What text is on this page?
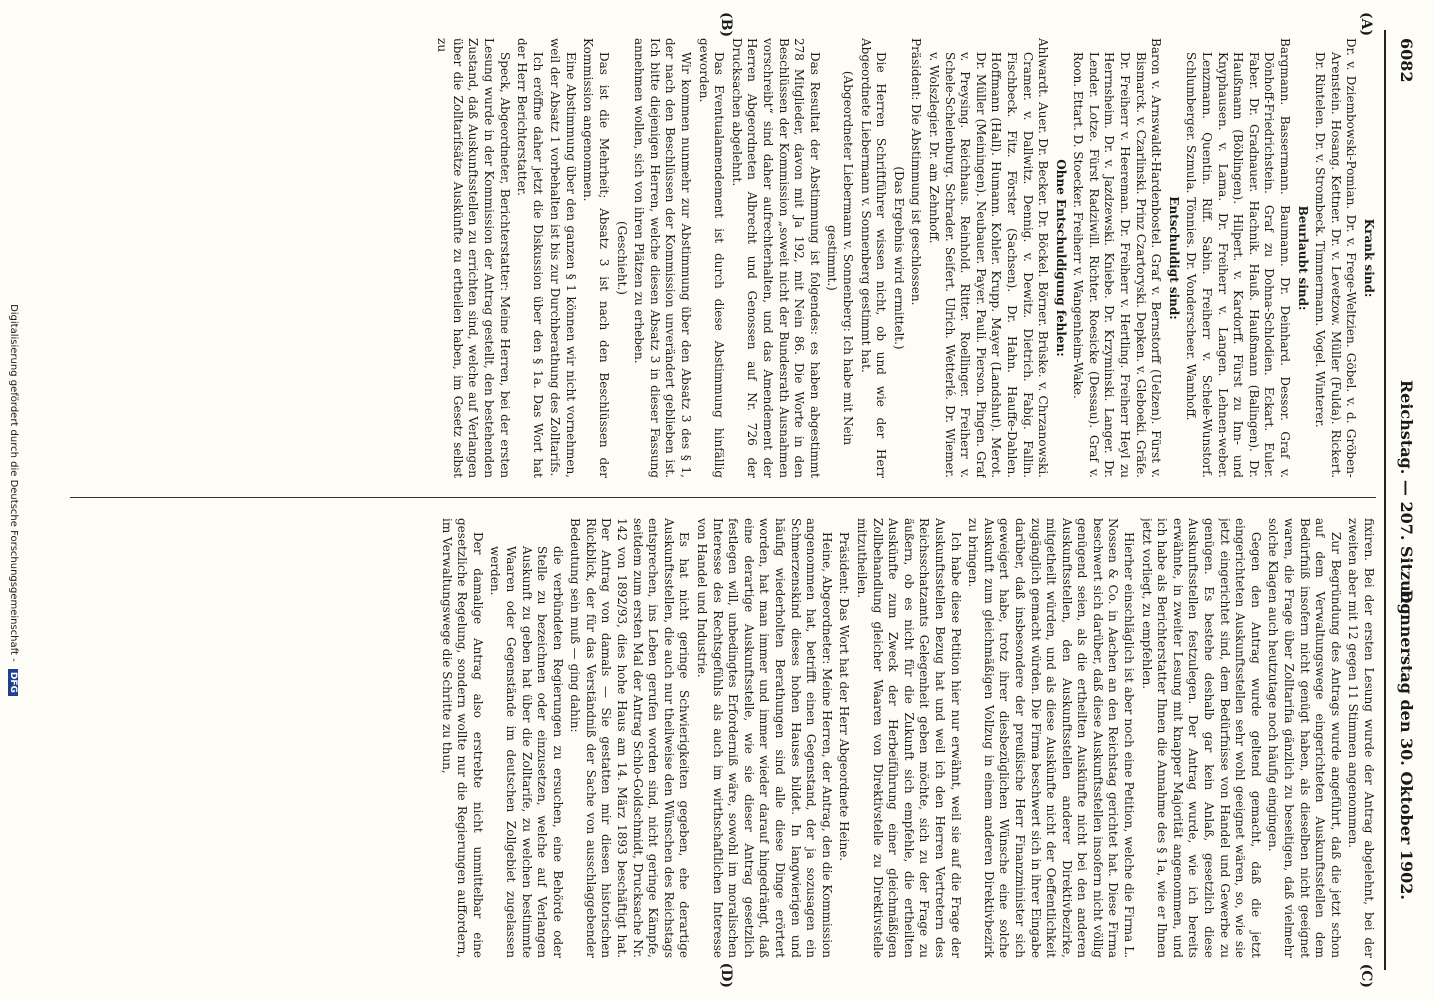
6082
Reichstag. — 207. Sitzung.
Donnerstag den 30. Oktober 1902.
(A)
(B)
(C)
(D)

Krank sind:

Dr. v. Dziembowski-Pomian. Dr. v. Frege-Weltzien. Göbel. v. d. Gröben-Arenstein. Hosang. Kettner. Dr. v. Levetzow. Müller (Fulda). Rickert. Dr. Rintelen. Dr. v. Strombeck. Timmermann. Vogel. Winterer.

Beurlaubt sind:

Bargmann. Bassermann. Baumann. Dr. Deinhard. Dessor. Graf v. Dönhoff-Friedrichstein. Graf zu Dohna-Schlodien. Eckart. Euler. Faber. Dr. Gradnauer. Hachnik. Hauß. Haußmann (Balingen). Dr. Haußmann (Böblingen). Hilpert. v. Kardorff. Fürst zu Inn- und Knyphausen. v. Lama. Dr. Freiherr v. Langen. Lehnen-weber. Lenzmann. Quentin. Riff. Sabin. Freiherr v. Schele-Wunstorf. Schlumberger. Szmula. Tönnies. Dr. Vonderscheer. Wamhoff.

Entschuldigt sind:

Baron v. Arnswaldt-Hardenbostel. Graf v. Bernstorff (Uelzen). Fürst v. Bismarck. v. Czarlinski. Prinz Czartoryski. Depken. v. Gleboeki. Gräfe. Dr. Freiherr v. Heereman. Dr. Freiherr v. Hertling. Freiherr Heyl zu Herrnsheim. Dr. v. Jazdzewski. Kniebe. Dr. Krzyminski. Langer. Dr. Lender. Lotze. Fürst Radziwill. Richter. Roesicke (Dessau). Graf v. Roon. Ettart. D. Stoecker. Freiherr v. Wangenheim-Wake.

Ohne Entschuldigung fehlen:

Ahlwardt. Auer. Dr. Becker. Dr. Böckel. Börner. Brüske. v. Chrzanowski. Cramer. v. Dallwitz. Dennig. v. Dewitz. Dietrich. Fabig. Fallin. Fischbeck. Fitz. Förster (Sachsen). Dr. Hahn. Hauffe-Dahlen. Hoffmann (Hall). Humann. Kohler. Krupp. Mayer (Landshut). Merot. Dr. Müller (Meiningen). Neubauer. Payer. Pauli. Pierson. Pingen. Graf v. Preysing. Reichhaus. Reinhold. Ritter. Roellinger. Freiherr v. Schele-Schelenburg. Schrader. Seifert. Ulrich. Wetterlé. Dr. Wiemer. v. Wolszlegier. Dr. am Zehnhoff.

Präsident: Die Abstimmung ist geschlossen.

(Das Ergebnis wird ermittelt.)

Die Herren Schriftführer wissen nicht, ob und wie der Herr Abgeordnete Liebermann v. Sonnenberg gestimmt hat.

(Abgeordneter Liebermann v. Sonnenberg: Ich habe mit Nein gestimmt.)

Das Resultat der Abstimmung ist folgendes: es haben abgestimmt 278 Mitglieder, davon mit Ja 192, mit Nein 86. Die Worte in den Beschlüssen der Kommission „soweit nicht der Bundesrath Ausnahmen vorschreibt“ sind daher aufrechterhalten, und das Amendement der Herren Abgeordneten Albrecht und Genossen auf Nr. 726 der Drucksachen abgelehnt.

Das Eventualamendement ist durch diese Abstimmung hinfällig geworden.

Wir kommen nunmehr zur Abstimmung über den Absatz 3 des § 1, der nach den Beschlüssen der Kommission unverändert geblieben ist. Ich bitte diejenigen Herren, welche diesen Absatz 3 in dieser Fassung annehmen wollen, sich von ihren Plätzen zu erheben.

(Geschieht.)

Das ist die Mehrheit; Absatz 3 ist nach den Beschlüssen der Kommission angenommen.

Eine Abstimmung über den ganzen § 1 können wir nicht vornehmen, weil der Absatz 1 vorbehalten ist bis zur Durchberathung des Zolltarifs.

Ich eröffne daher jetzt die Diskussion über den § 1a. Das Wort hat der Herr Berichterstatter.

Speck, Abgeordneter, Berichterstatter: Meine Herren, bei der ersten Lesung wurde in der Kommission der Antrag gestellt, den bestehenden Zustand, daß Auskunftsstellen zu errichten sind, welche auf Verlangen über die Zolltarifsätze Auskünfte zu ertheilen haben, im Gesetz selbst zu

fixiren. Bei der ersten Lesung wurde der Antrag abgelehnt, bei der zweiten aber mit 12 gegen 11 Stimmen angenommen.

Zur Begründung des Antrags wurde angeführt, daß die jetzt schon auf dem Verwaltungswege eingerichteten Auskunftsstellen dem Bedürfniß insofern nicht genügt haben, als dieselben nicht geeignet waren, die Frage über Zolltarifia gänzlich zu beseitigen, daß vielmehr solche Klagen auch heutzutage noch häufig eingingen.

Gegen den Antrag wurde geltend gemacht, daß die jetzt eingerichteten Auskunftsstellen sehr wohl geeignet wären, so, wie sie jetzt eingerichtet sind, dem Bedürfnisse von Handel und Gewerbe zu genügen. Es bestehe deshalb gar kein Anlaß, gesetzlich diese Auskunftsstellen festzulegen. Der Antrag wurde, wie ich bereits erwähnte, in zweiter Lesung mit knapper Majorität angenommen, und ich habe als Berichterstatter Ihnen die Annahme des § 1a, wie er Ihnen jetzt vorliegt, zu empfehlen.

Hierher einschläglich ist aber noch eine Petition, welche die Firma L. Nossen & Co. in Aachen an den Reichstag gerichtet hat. Diese Firma beschwert sich darüber, daß diese Auskunftsstellen insofern nicht völlig genügend seien, als die ertheilten Auskünfte nicht bei den anderen Auskunftsstellen, den Auskunftsstellen anderer Direktivbezirke, mitgetheilt würden, und als diese Auskünfte nicht der Oeffentlichkeit zugänglich gemacht würden. Die Firma beschwert sich in ihrer Eingabe darüber, daß insbesondere der preußische Herr Finanzminister sich geweigert habe, trotz ihrer diesbezüglichen Wünsche eine solche Auskunft zum gleichmäßigen Vollzug in einem anderen Direktivbezirk zu bringen.

Ich habe diese Petition hier nur erwähnt, weil sie auf die Frage der Auskunftsstellen Bezug hat und weil ich den Herren Vertretern des Reichsschatzamts Gelegenheit geben möchte, sich zu der Frage zu äußern, ob es nicht für die Zukunft sich empfehle, die ertheilten Auskünfte zum Zweck der Herbeiführung einer gleichmäßigen Zollbehandlung gleicher Waaren von Direktivstelle zu Direktivstelle mitzutheilen.

Präsident: Das Wort hat der Herr Abgeordnete Heine.

Heine, Abgeordneter: Meine Herren, der Antrag, den die Kommission angenommen hat, betrifft einen Gegenstand, der ja sozusagen ein Schmerzenskind dieses hohen Hauses bildet. In langwierigen und häufig wiederholten Berathungen sind alle diese Dinge erörtert worden, hat man immer und immer wieder darauf hingedrängt, daß eine derartige Auskunftsstelle, wie sie dieser Antrag gesetzlich festlegen will, unbedingtes Erforderniß wäre, sowohl im moralischen Interesse des Rechtsgefühls als auch im wirthschaftlichen Interesse von Handel und Industrie.

Es hat nicht geringe Schwierigkeiten gegeben, ehe derartige Auskunftsstellen, die auch nur theilweise den Wünschen des Reichstags entsprechen, ins Leben gerufen worden sind, nicht geringe Kämpfe, seitdem zum ersten Mal der Antrag Schlo-Goldschmidt, Drucksache Nr. 142 von 1892/93, dies hohe Haus am 14. März 1893 beschäftigt hat. Der Antrag von damals — Sie gestatten mir diesen historischen Rückblick, der für das Verständniß der Sache von ausschlaggebender Bedeutung sein muß — ging dahin:

die verbündeten Regierungen zu ersuchen, eine Behörde oder Stelle zu bezeichnen oder einzusetzen, welche auf Verlangen Auskunft zu geben hat über die Zolltarife, zu welchen bestimmte Waaren oder Gegenstände im deutschen Zollgebiet zugelassen werden.

Der damalige Antrag also erstrebte nicht unmittelbar eine gesetzliche Regelung, sondern wollte nur die Regierungen auffordern, im Verwaltungswege die Schritte zu thun,

Digitalisierung gefördert durch die Deutsche Forschungsgemeinschaft - DFG
